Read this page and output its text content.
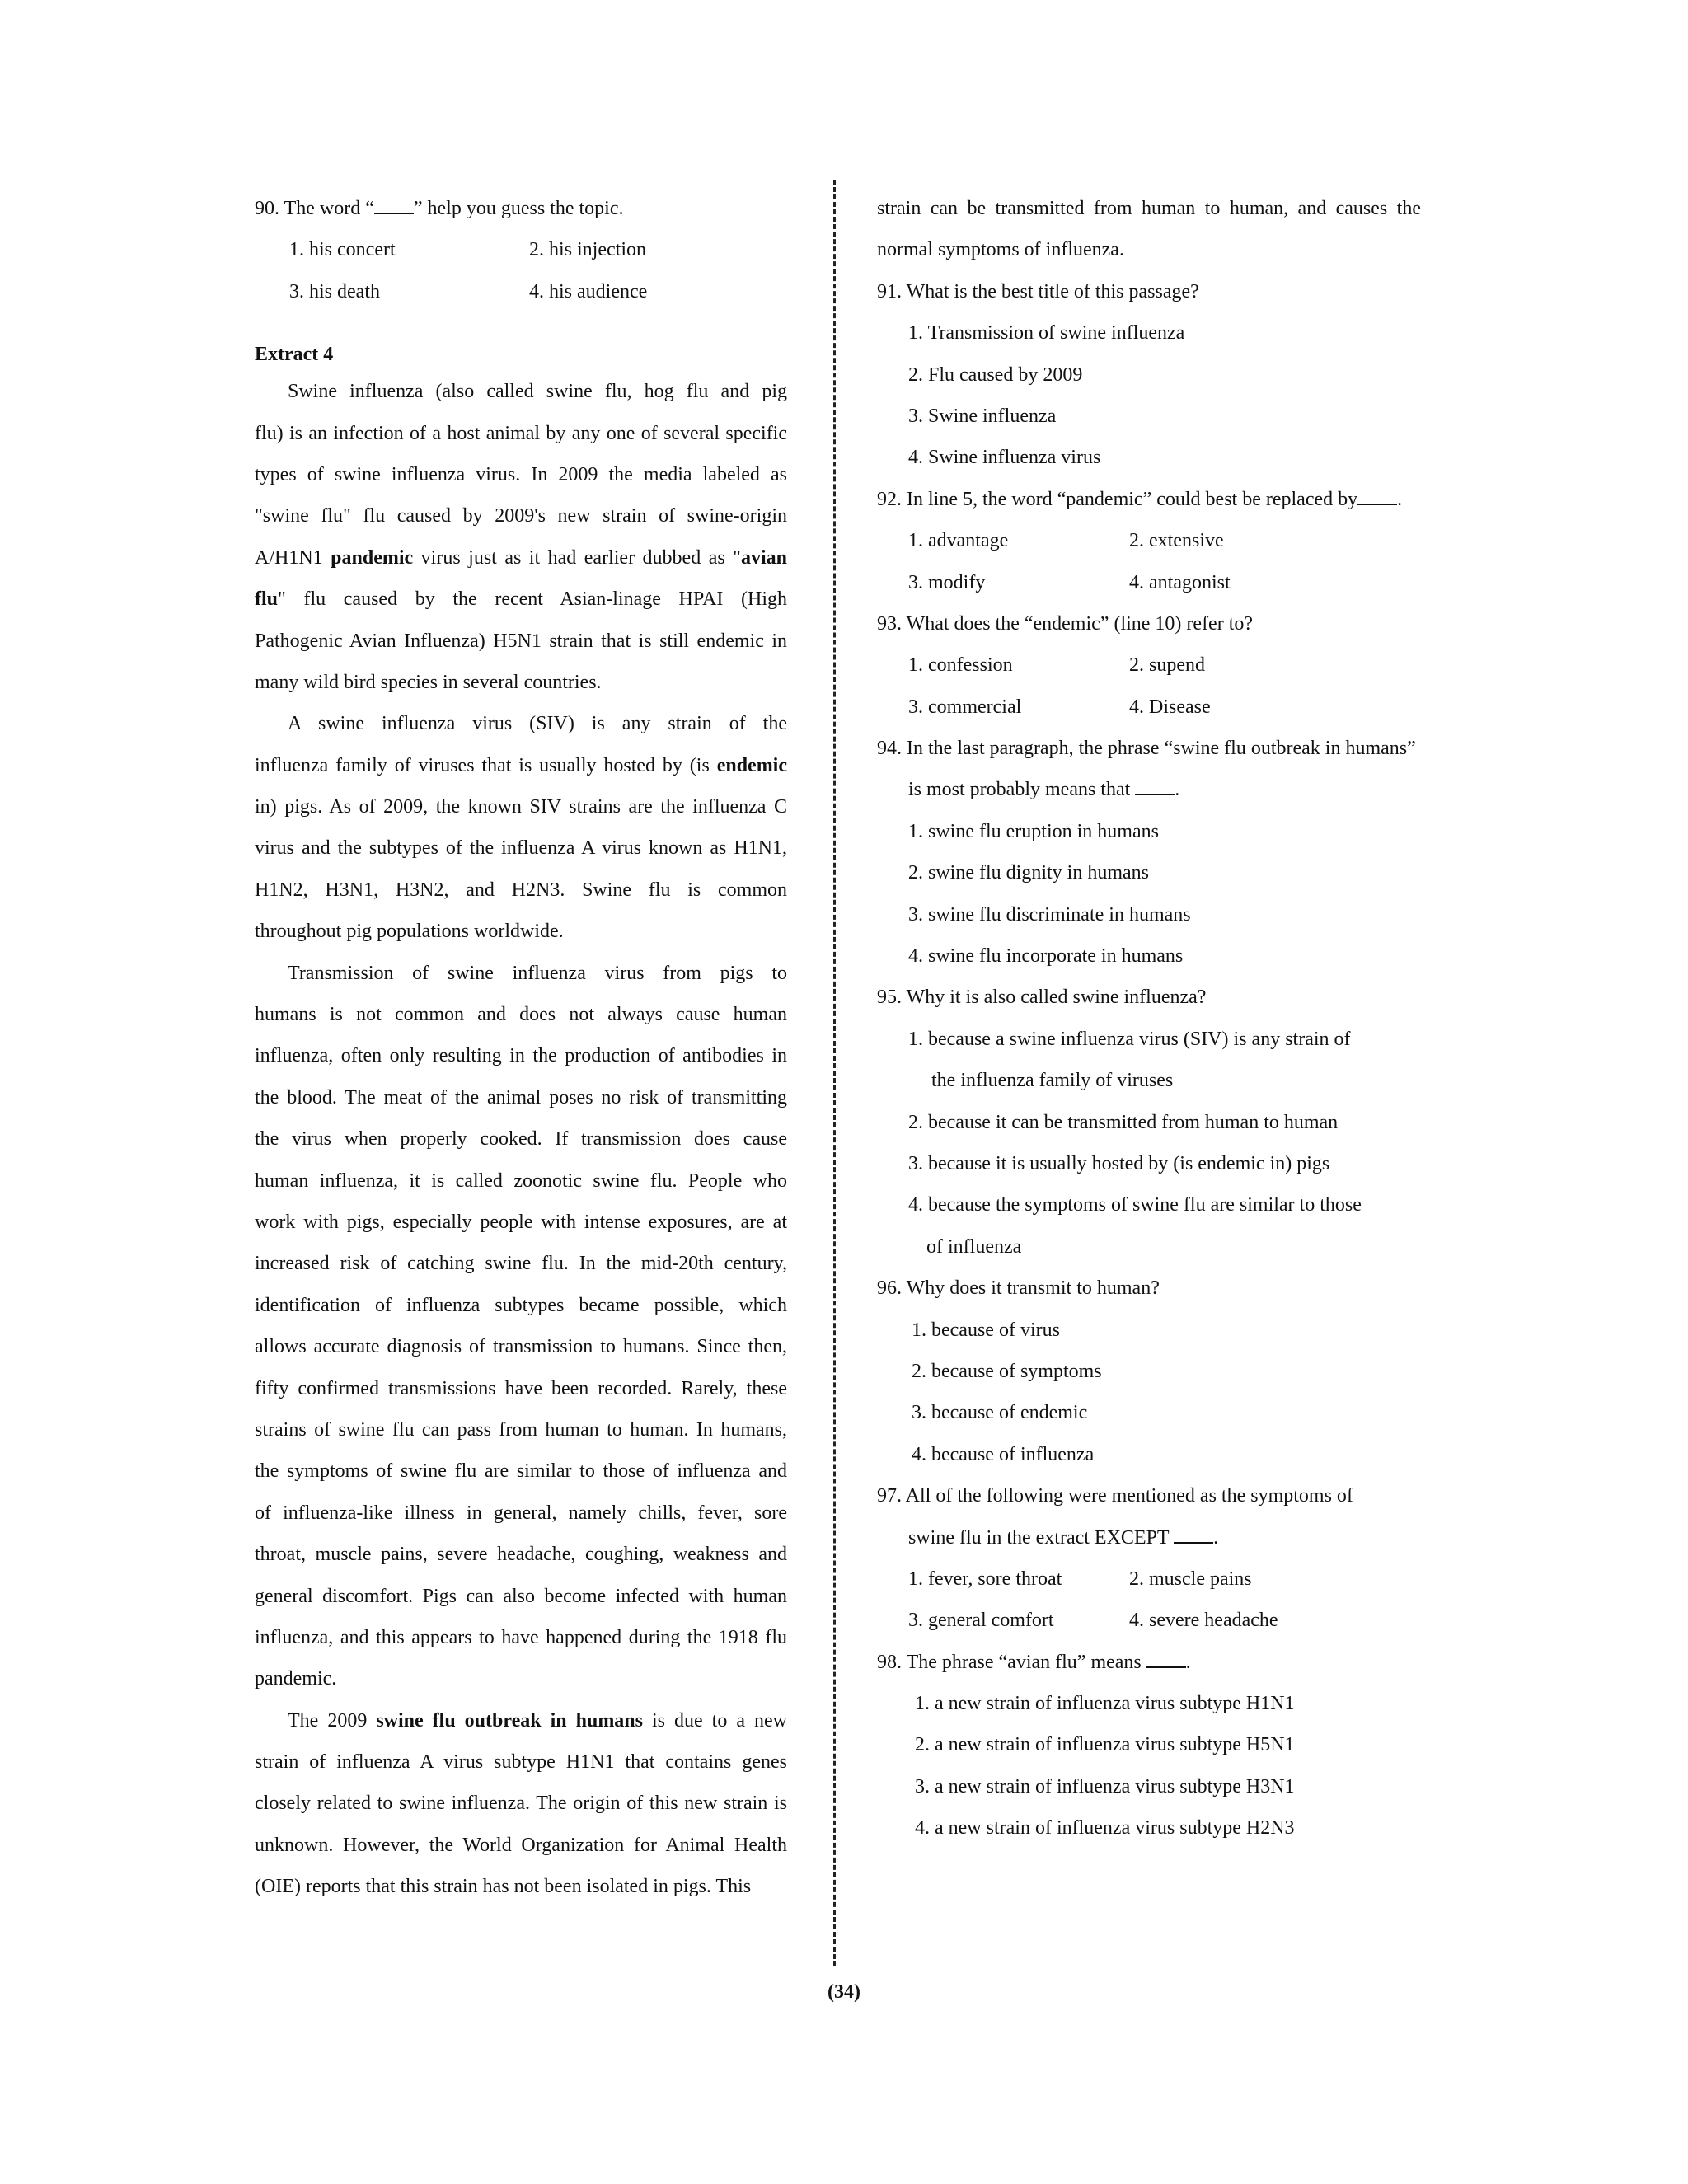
90. The word “ ” help you guess the topic.
1. his concert	2. his injection
3. his death	4. his audience
Extract 4
Swine influenza (also called swine flu, hog flu and pig
flu) is an infection of a host animal by any one of several specific
types of swine influenza virus. In 2009 the media labeled as
"swine flu" flu caused by 2009's new strain of swine-origin
A/H1N1 pandemic virus just as it had earlier dubbed as "avian
flu" flu caused by the recent Asian-linage HPAI (High
Pathogenic Avian Influenza) H5N1 strain that is still endemic in
many wild bird species in several countries.
A swine influenza virus (SIV) is any strain of the
influenza family of viruses that is usually hosted by (is endemic
in) pigs. As of 2009, the known SIV strains are the influenza C
virus and the subtypes of the influenza A virus known as H1N1,
H1N2, H3N1, H3N2, and H2N3. Swine flu is common
throughout pig populations worldwide.
Transmission of swine influenza virus from pigs to
humans is not common and does not always cause human
influenza, often only resulting in the production of antibodies in
the blood. The meat of the animal poses no risk of transmitting
the virus when properly cooked. If transmission does cause
human influenza, it is called zoonotic swine flu. People who
work with pigs, especially people with intense exposures, are at
increased risk of catching swine flu. In the mid-20th century,
identification of influenza subtypes became possible, which
allows accurate diagnosis of transmission to humans. Since then,
fifty confirmed transmissions have been recorded. Rarely, these
strains of swine flu can pass from human to human. In humans,
the symptoms of swine flu are similar to those of influenza and
of influenza-like illness in general, namely chills, fever, sore
throat, muscle pains, severe headache, coughing, weakness and
general discomfort. Pigs can also become infected with human
influenza, and this appears to have happened during the 1918 flu
pandemic.
The 2009 swine flu outbreak in humans is due to a new
strain of influenza A virus subtype H1N1 that contains genes
closely related to swine influenza. The origin of this new strain is
unknown. However, the World Organization for Animal Health
(OIE) reports that this strain has not been isolated in pigs. This
strain can be transmitted from human to human, and causes the
normal symptoms of influenza.
91. What is the best title of this passage?
1. Transmission of swine influenza
2. Flu caused by 2009
3. Swine influenza
4. Swine influenza virus
92. In line 5, the word “pandemic” could best be replaced by .
1. advantage	2. extensive
3. modify	4. antagonist
93. What does the “endemic” (line 10) refer to?
1. confession	2. supend
3. commercial	4. Disease
94. In the last paragraph, the phrase “swine flu outbreak in humans”
is most probably means that .
1. swine flu eruption in humans
2. swine flu dignity in humans
3. swine flu discriminate in humans
4. swine flu incorporate in humans
95. Why it is also called swine influenza?
1. because a swine influenza virus (SIV) is any strain of
the influenza family of viruses
2. because it can be transmitted from human to human
3. because it is usually hosted by (is endemic in) pigs
4. because the symptoms of swine flu are similar to those
of influenza
96. Why does it transmit to human?
1. because of virus
2. because of symptoms
3. because of endemic
4. because of influenza
97. All of the following were mentioned as the symptoms of
swine flu in the extract EXCEPT .
1. fever, sore throat	2. muscle pains
3. general comfort	4. severe headache
98. The phrase “avian flu” means .
1. a new strain of influenza virus subtype H1N1
2. a new strain of influenza virus subtype H5N1
3. a new strain of influenza virus subtype H3N1
4. a new strain of influenza virus subtype H2N3
(34)
